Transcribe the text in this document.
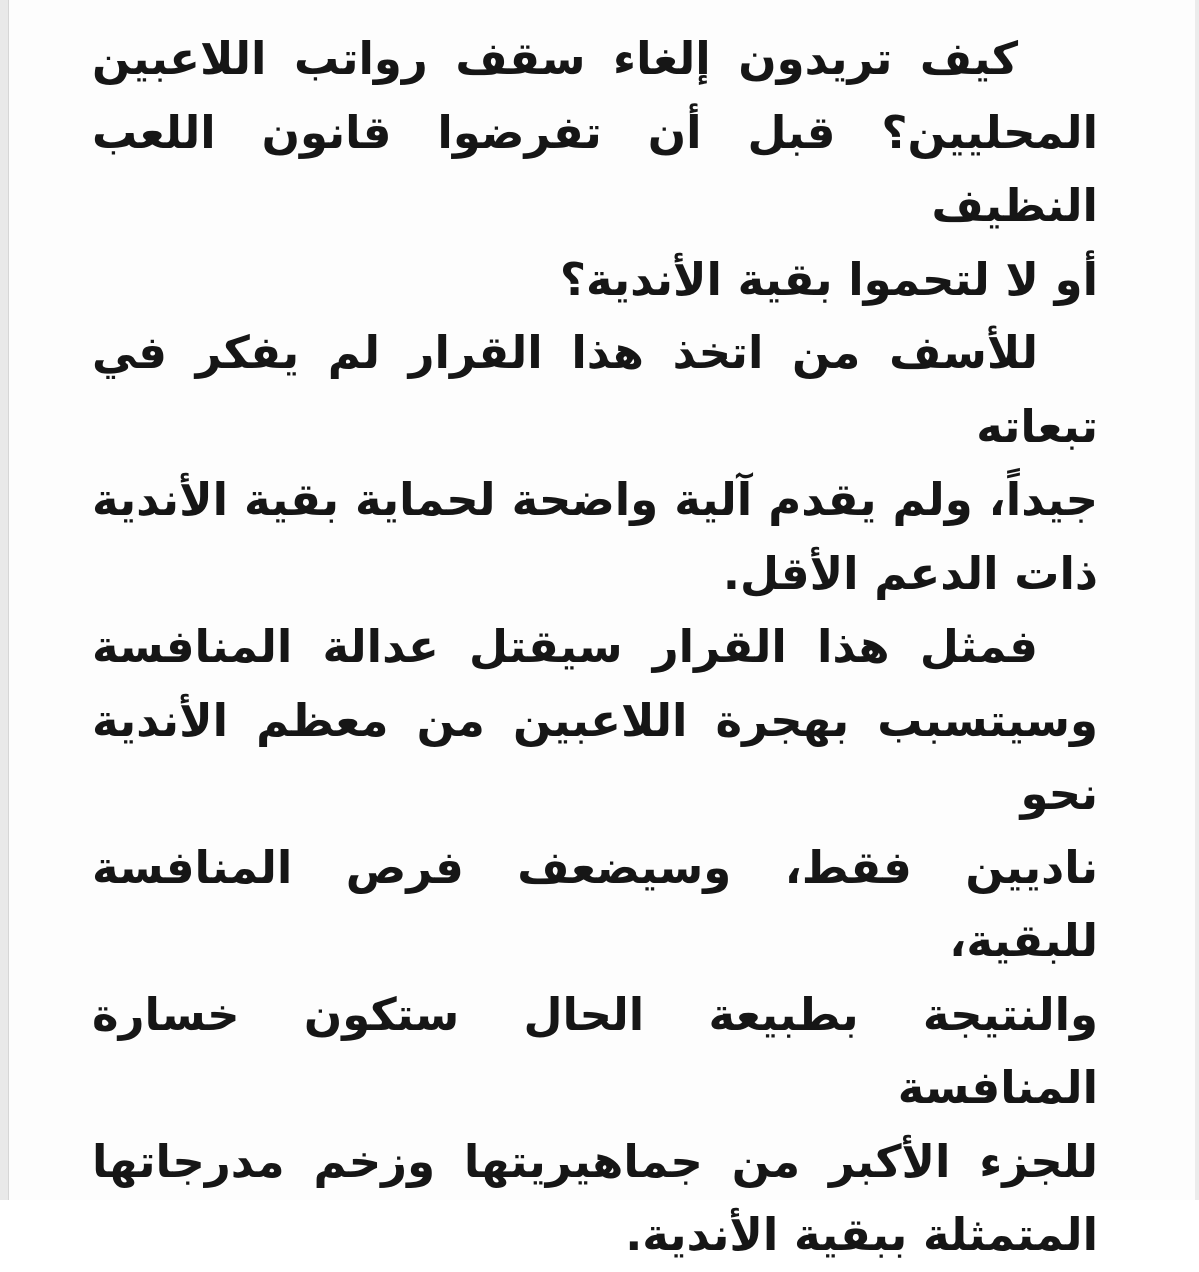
كيف تريدون إلغاء سقف رواتب اللاعبين
المحليين؟ قبل أن تفرضوا قانون اللعب النظيف
أو لا لتحموا بقية الأندية؟

للأسف من اتخذ هذا القرار لم يفكر في تبعاته
جيداً، ولم يقدم آلية واضحة لحماية بقية الأندية
ذات الدعم الأقل.

فمثل هذا القرار سيقتل عدالة المنافسة
وسيتسبب بهجرة اللاعبين من معظم الأندية نحو
ناديين فقط، وسيضعف فرص المنافسة للبقية،
والنتيجة بطبيعة الحال ستكون خسارة المنافسة
للجزء الأكبر من جماهيريتها وزخم مدرجاتها
المتمثلة ببقية الأندية.
